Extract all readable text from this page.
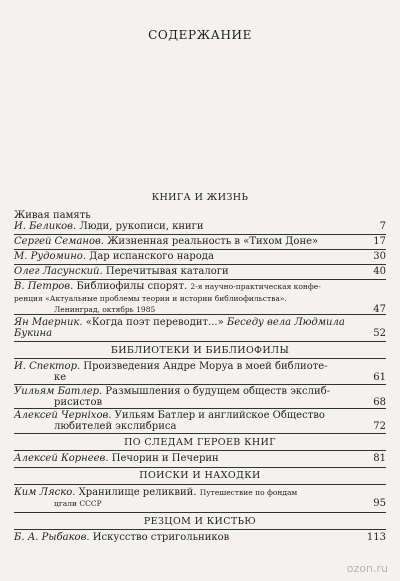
СОДЕРЖАНИЕ
КНИГА И ЖИЗНЬ
Живая память
И. Беликов. Люди, рукописи, книги	7
Сергей Семанов. Жизненная реальность в «Тихом Доне»	17
М. Рудомино. Дар испанского народа	30
Олег Ласунский. Перечитывая каталоги	40
В. Петров. Библиофилы спорят. 2-я научно-практическая конфе-
ренция «Актуальные проблемы теории и истории библиофильства».
Ленинград, октябрь 1985	47
Ян Маерник. «Когда поэт переводит...» Беседу вела Людмила Букина	52
БИБЛИОТЕКИ И БИБЛИОФИЛЫ
И. Спектор. Произведения Андре Моруа в моей библиоте-
ке	61
Уильям Батлер. Размышления о будущем обществ экслиб-
рисистов	68
Алексей Черніхов. Уильям Батлер и английское Общество
любителей экслибриса	72
ПО СЛЕДАМ ГЕРОЕВ КНИГ
Алексей Корнеев. Печорин и Печерин	81
ПОИСКИ И НАХОДКИ
Ким Ляско. Хранилище реликвий. Путешествие по фондам
цгали СССР	95
РЕЗЦОМ И КИСТЬЮ
Б. А. Рыбаков. Искусство стригольников	113
ozon.ru
